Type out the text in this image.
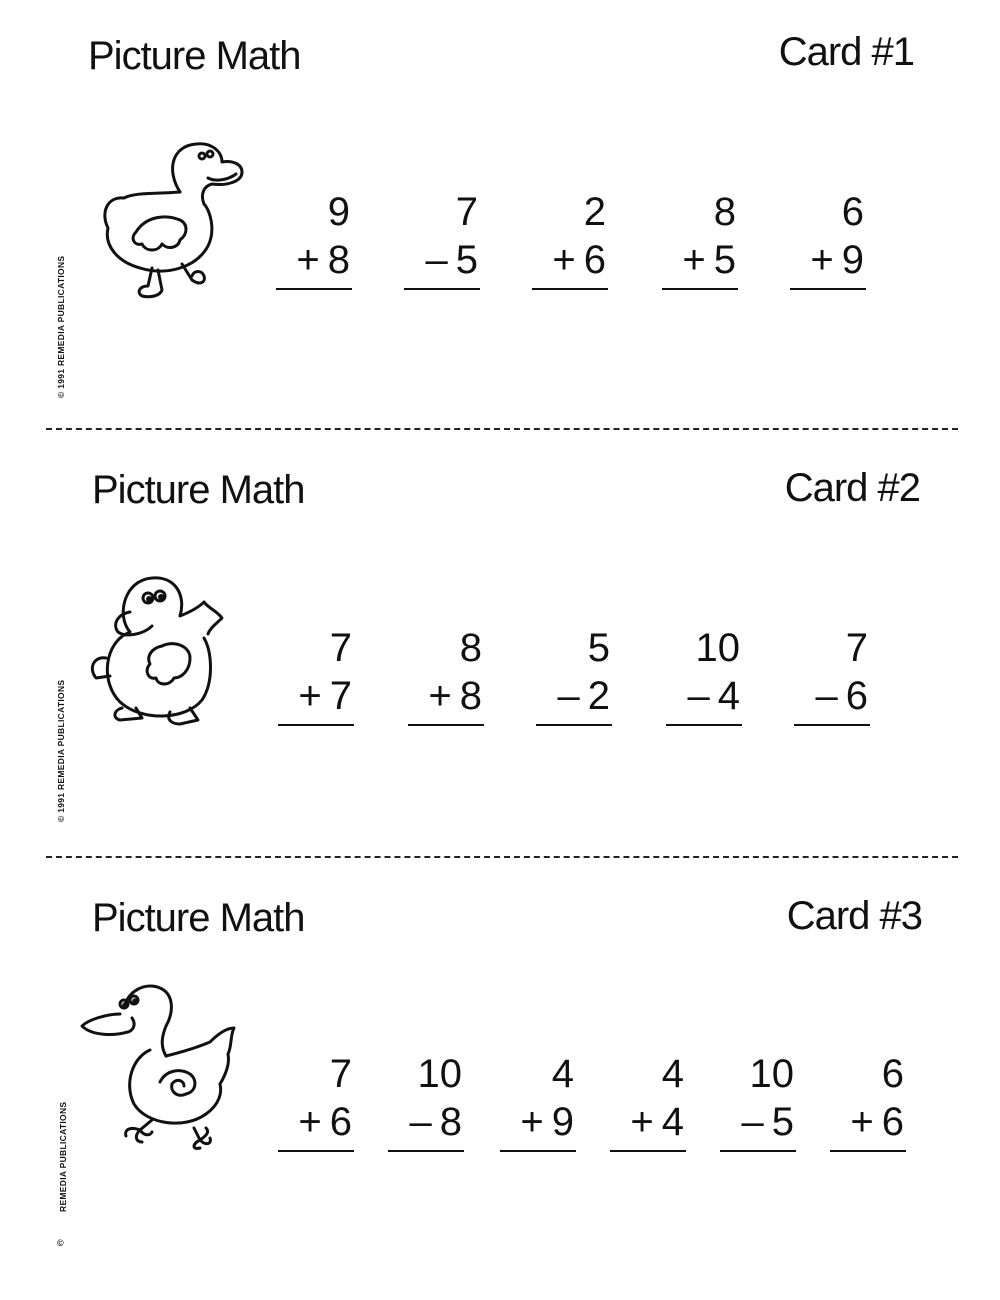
Picture Math	Card #1
© 1991 REMEDIA PUBLICATIONS
9
+ 8
7
– 5
2
+ 6
8
+ 5
6
+ 9
Picture Math	Card #2
© 1991 REMEDIA PUBLICATIONS
7
+ 7
8
+ 8
5
– 2
10
– 4
7
– 6
Picture Math	Card #3
REMEDIA PUBLICATIONS
©
7
+ 6
10
– 8
4
+ 9
4
+ 4
10
– 5
6
+ 6
